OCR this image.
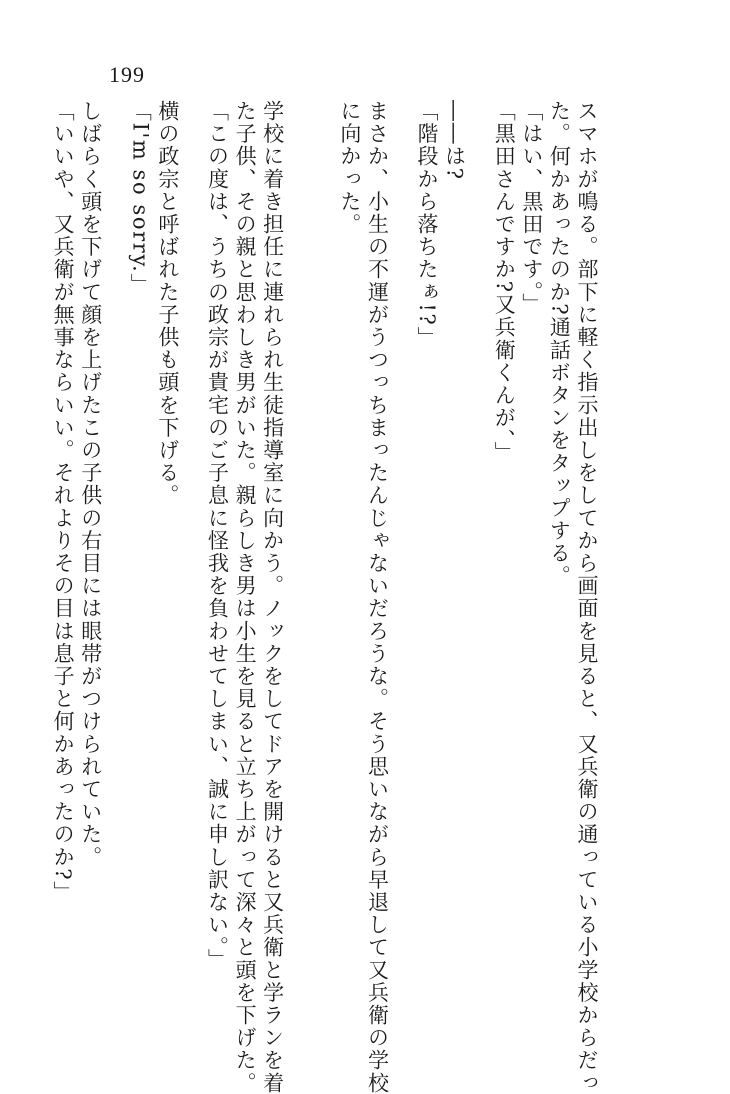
199
スマホが鳴る。部下に軽く指示出しをしてから画面を見ると、又兵衛の通っている小学校からだっ
た。何かあったのか?通話ボタンをタップする。
「はい、黒田です。」
「黒田さんですか?又兵衛くんが、」
――は?
「階段から落ちたぁ!?」
まさか、小生の不運がうつっちまったんじゃないだろうな。そう思いながら早退して又兵衛の学校
に向かった。
学校に着き担任に連れられ生徒指導室に向かう。ノックをしてドアを開けると又兵衛と学ランを着
た子供、その親と思わしき男がいた。親らしき男は小生を見ると立ち上がって深々と頭を下げた。
「この度は、うちの政宗が貴宅のご子息に怪我を負わせてしまい、誠に申し訳ない。」
横の政宗と呼ばれた子供も頭を下げる。
「I'm so sorry.」
しばらく頭を下げて顔を上げたこの子供の右目には眼帯がつけられていた。
「いいや、又兵衛が無事ならいい。それよりその目は息子と何かあったのか?」
